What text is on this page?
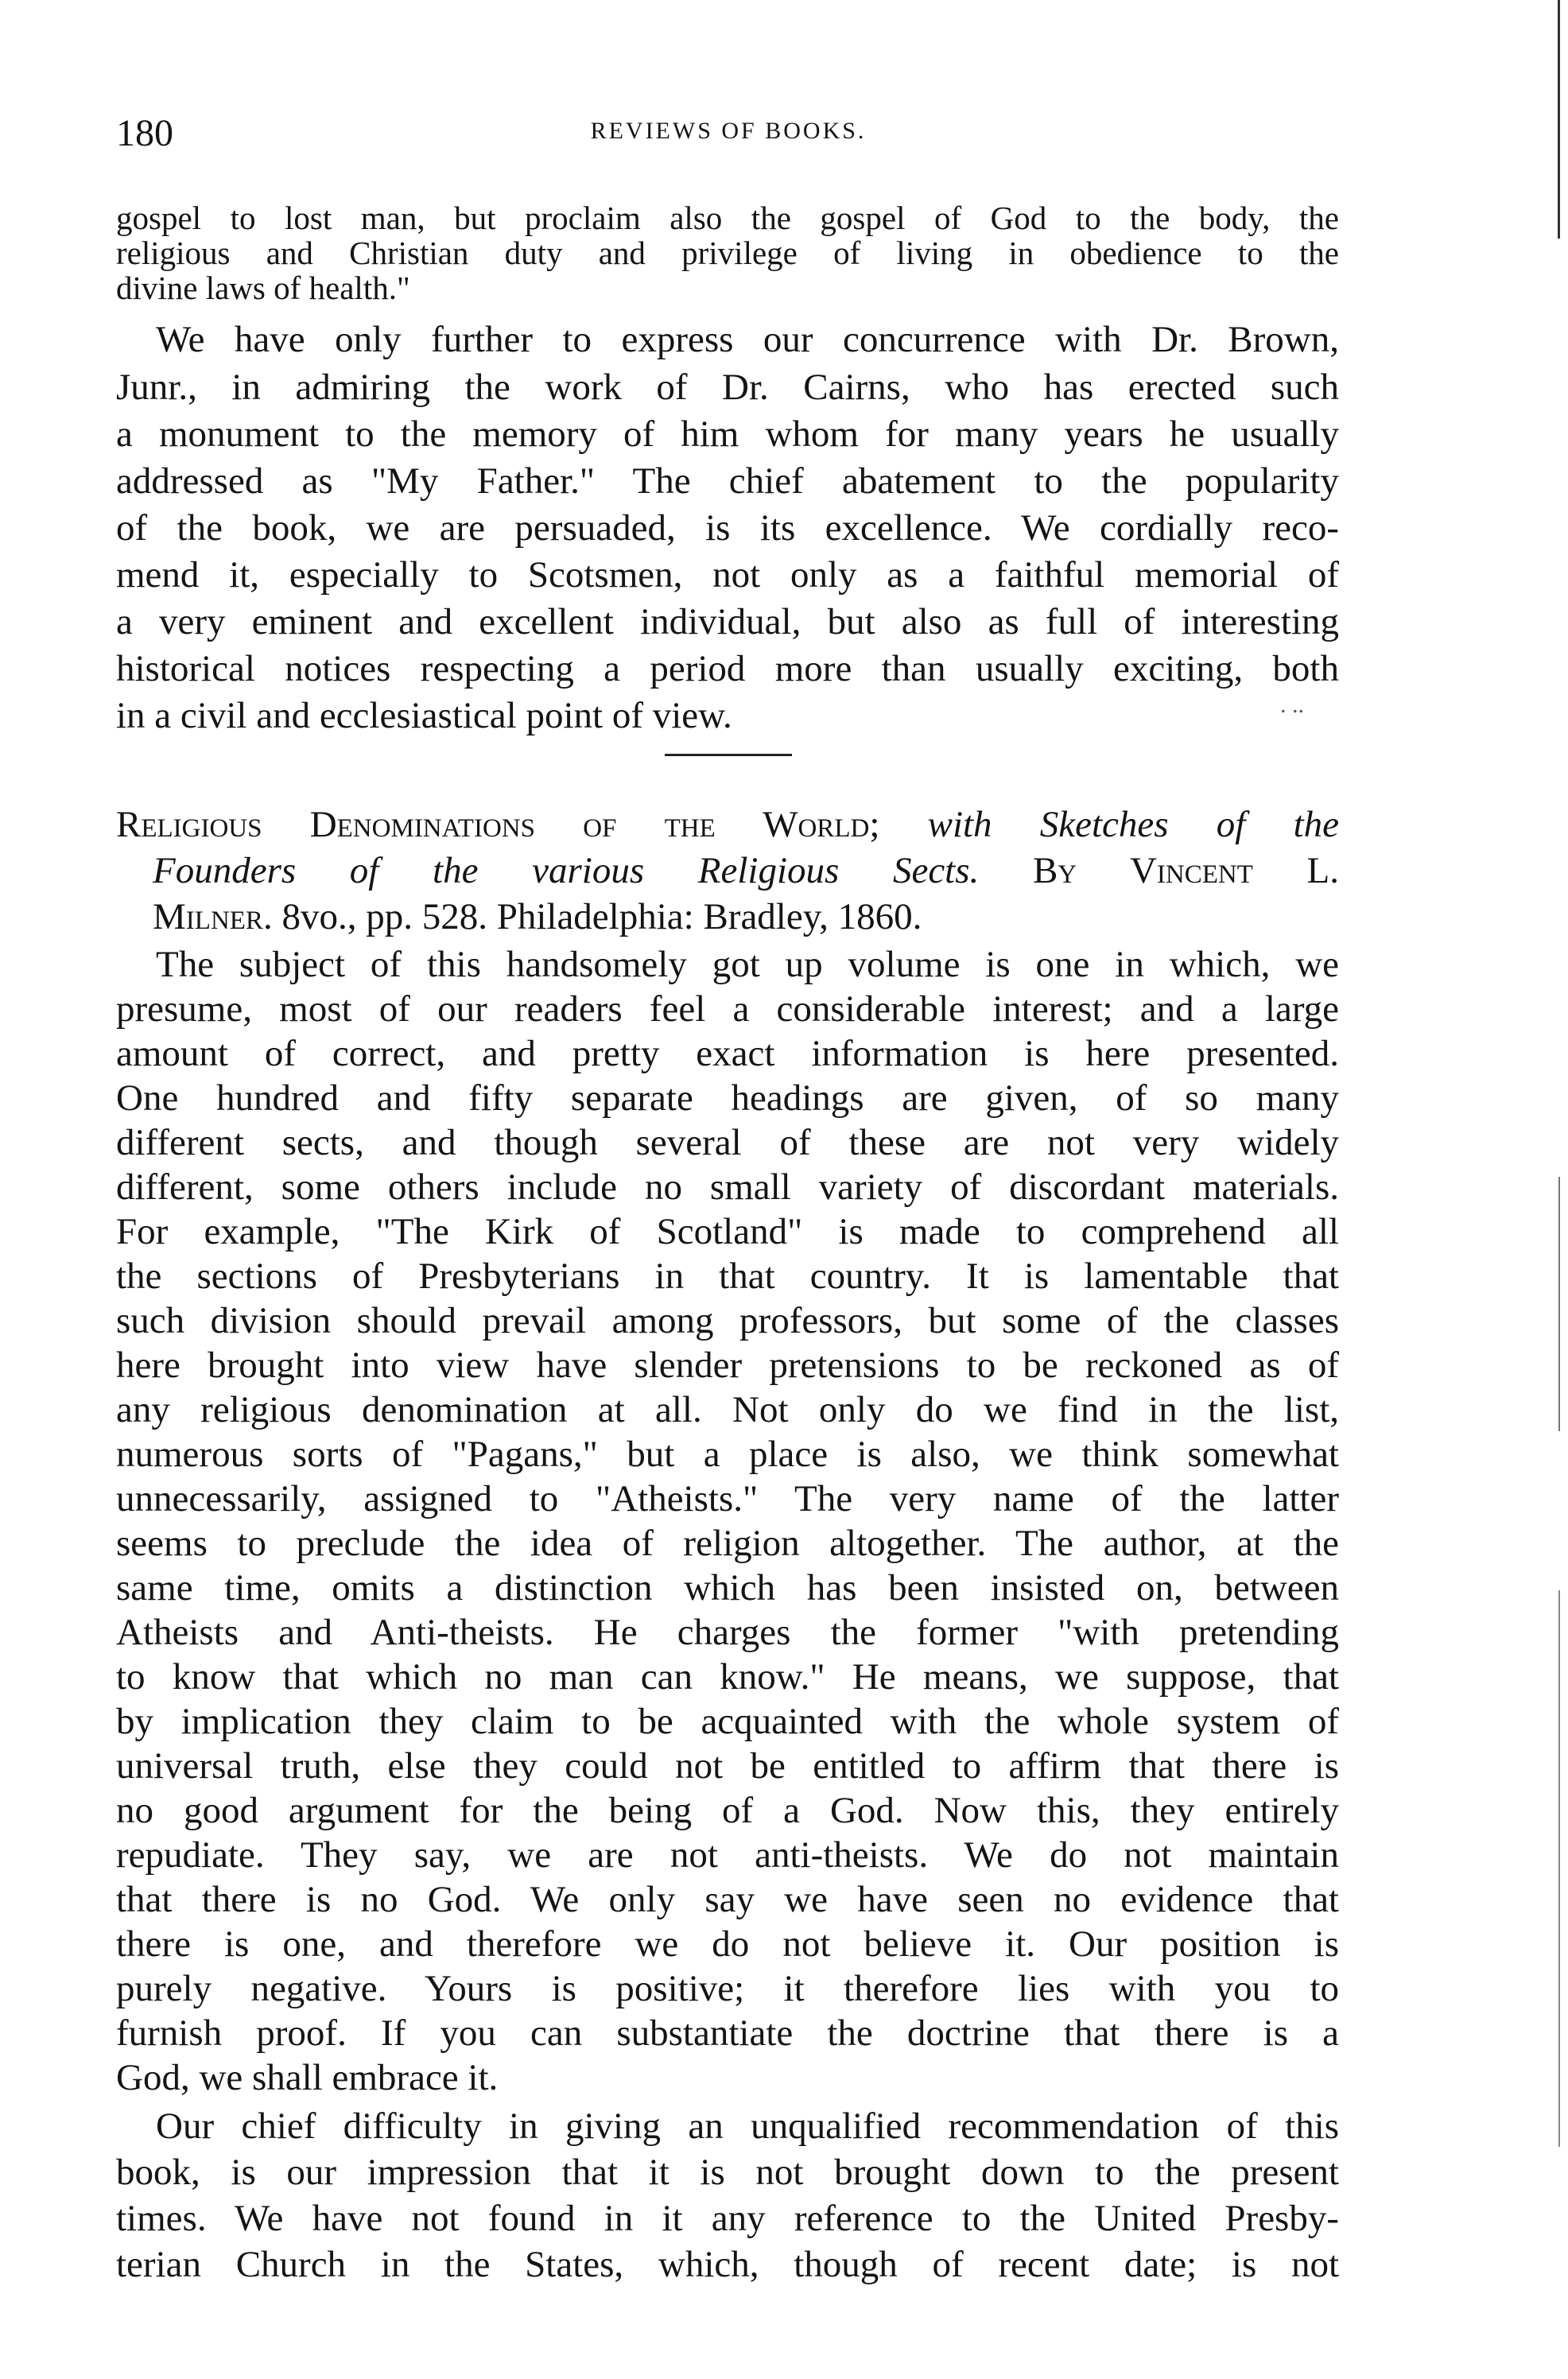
180	REVIEWS OF BOOKS.
gospel to lost man, but proclaim also the gospel of God to the body, the
religious and Christian duty and privilege of living in obedience to the
divine laws of health."
We have only further to express our concurrence with Dr. Brown,
Junr., in admiring the work of Dr. Cairns, who has erected such
a monument to the memory of him whom for many years he usually
addressed as "My Father." The chief abatement to the popularity
of the book, we are persuaded, is its excellence. We cordially reco-
mend it, especially to Scotsmen, not only as a faithful memorial of
a very eminent and excellent individual, but also as full of interesting
historical notices respecting a period more than usually exciting, both
in a civil and ecclesiastical point of view.	. ..
Religious Denominations of the World; with Sketches of the
Founders of the various Religious Sects. By Vincent L.
Milner. 8vo., pp. 528. Philadelphia: Bradley, 1860.
The subject of this handsomely got up volume is one in which, we
presume, most of our readers feel a considerable interest; and a large
amount of correct, and pretty exact information is here presented.
One hundred and fifty separate headings are given, of so many
different sects, and though several of these are not very widely
different, some others include no small variety of discordant materials.
For example, "The Kirk of Scotland" is made to comprehend all
the sections of Presbyterians in that country. It is lamentable that
such division should prevail among professors, but some of the classes
here brought into view have slender pretensions to be reckoned as of
any religious denomination at all. Not only do we find in the list,
numerous sorts of "Pagans," but a place is also, we think somewhat
unnecessarily, assigned to "Atheists." The very name of the latter
seems to preclude the idea of religion altogether. The author, at the
same time, omits a distinction which has been insisted on, between
Atheists and Anti-theists. He charges the former "with pretending
to know that which no man can know." He means, we suppose, that
by implication they claim to be acquainted with the whole system of
universal truth, else they could not be entitled to affirm that there is
no good argument for the being of a God. Now this, they entirely
repudiate. They say, we are not anti-theists. We do not maintain
that there is no God. We only say we have seen no evidence that
there is one, and therefore we do not believe it. Our position is
purely negative. Yours is positive; it therefore lies with you to
furnish proof. If you can substantiate the doctrine that there is a
God, we shall embrace it.
Our chief difficulty in giving an unqualified recommendation of this
book, is our impression that it is not brought down to the present
times. We have not found in it any reference to the United Presby-
terian Church in the States, which, though of recent date; is not
